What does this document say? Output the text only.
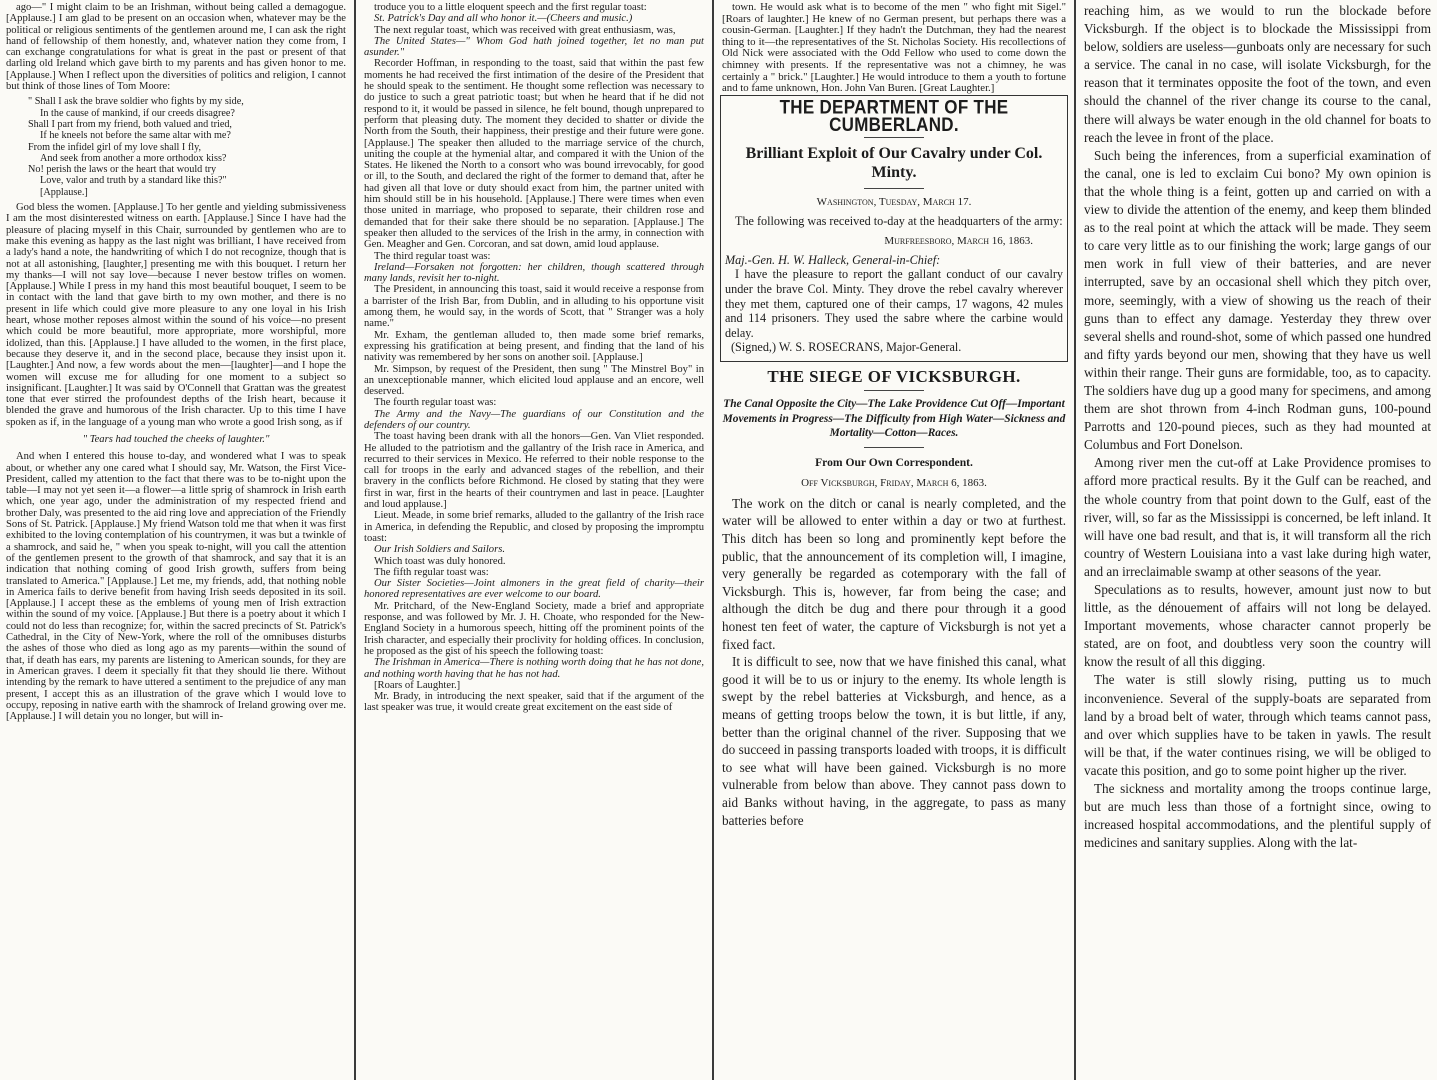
ago—" I might claim to be an Irishman, without being called a demagogue. [Applause.] I am glad to be present on an occasion when, whatever may be the political or religious sentiments of the gentlemen around me, I can ask the right hand of fellowship of them honestly, and, whatever nation they come from, I can exchange congratulations for what is great in the past or present of that darling old Ireland which gave birth to my parents and has given honor to me. [Applause.] When I reflect upon the diversities of politics and religion, I cannot but think of those lines of Tom Moore:

" Shall I ask the brave soldier who fights by my side,
In the cause of mankind, if our creeds disagree?
Shall I part from my friend, both valued and tried,
If he kneels not before the same altar with me?
From the infidel girl of my love shall I fly,
And seek from another a more orthodox kiss?
No! perish the laws or the heart that would try
Love, valor and truth by a standard like this?"
[Applause.]

God bless the women. [Applause.] To her gentle and yielding submissiveness I am the most disinterested witness on earth. [Applause.] Since I have had the pleasure of placing myself in this Chair, surrounded by gentlemen who are to make this evening as happy as the last night was brilliant, I have received from a lady's hand a note, the handwriting of which I do not recognize, though that is not at all astonishing, [laughter,] presenting me with this bouquet. I return her my thanks—I will not say love—because I never bestow trifles on women. [Applause.] While I press in my hand this most beautiful bouquet, I seem to be in contact with the land that gave birth to my own mother, and there is no present in life which could give more pleasure to any one loyal in his Irish heart, whose mother reposes almost within the sound of his voice—no present which could be more beautiful, more appropriate, more worshipful, more idolized, than this. [Applause.] I have alluded to the women, in the first place, because they deserve it, and in the second place, because they insist upon it. [Laughter.] And now, a few words about the men—[laughter]—and I hope the women will excuse me for alluding for one moment to a subject so insignificant. [Laughter.] It was said by O'Connell that Grattan was the greatest tone that ever stirred the profoundest depths of the Irish heart, because it blended the grave and humorous of the Irish character. Up to this time I have spoken as if, in the language of a young man who wrote a good Irish song, as if

" Tears had touched the cheeks of laughter."

And when I entered this house to-day, and wondered what I was to speak about, or whether any one cared what I should say, Mr. Watson, the First Vice-President, called my attention to the fact that there was to be to-night upon the table—I may not yet seen it—a flower—a little sprig of shamrock in Irish earth which, one year ago, under the administration of my respected friend and brother Daly, was presented to the aid ring love and appreciation of the Friendly Sons of St. Patrick. [Applause.] My friend Watson told me that when it was first exhibited to the loving contemplation of his countrymen, it was but a twinkle of a shamrock, and said he, " when you speak to-night, will you call the attention of the gentlemen present to the growth of that shamrock, and say that it is an indication that nothing coming of good Irish growth, suffers from being translated to America." [Applause.] Let me, my friends, add, that nothing noble in America fails to derive benefit from having Irish seeds deposited in its soil. [Applause.] I accept these as the emblems of young men of Irish extraction within the sound of my voice. [Applause.] But there is a poetry about it which I could not do less than recognize; for, within the sacred precincts of St. Patrick's Cathedral, in the City of New-York, where the roll of the omnibuses disturbs the ashes of those who died as long ago as my parents—within the sound of that, if death has ears, my parents are listening to American sounds, for they are in American graves. I deem it specially fit that they should lie there. Without intending by the remark to have uttered a sentiment to the prejudice of any man present, I accept this as an illustration of the grave which I would love to occupy, reposing in native earth with the shamrock of Ireland growing over me. [Applause.] I will detain you no longer, but will in-

troduce you to a little eloquent speech and the first regular toast:

St. Patrick's Day and all who honor it.—(Cheers and music.)

The next regular toast, which was received with great enthusiasm, was,

The United States—" Whom God hath joined together, let no man put asunder."

Recorder Hoffman, in responding to the toast, said that within the past few moments he had received the first intimation of the desire of the President that he should speak to the sentiment. He thought some reflection was necessary to do justice to such a great patriotic toast; but when he heard that if he did not respond to it, it would be passed in silence, he felt bound, though unprepared to perform that pleasing duty. The moment they decided to shatter or divide the North from the South, their happiness, their prestige and their future were gone. [Applause.] The speaker then alluded to the marriage service of the church, uniting the couple at the hymenial altar, and compared it with the Union of the States. He likened the North to a consort who was bound irrevocably, for good or ill, to the South, and declared the right of the former to demand that, after he had given all that love or duty should exact from him, the partner united with him should still be in his household. [Applause.] There were times when even those united in marriage, who proposed to separate, their children rose and demanded that for their sake there should be no separation. [Applause.] The speaker then alluded to the services of the Irish in the army, in connection with Gen. Meagher and Gen. Corcoran, and sat down, amid loud applause.

The third regular toast was:

Ireland—Forsaken not forgotten: her children, though scattered through many lands, revisit her to-night.

The President, in announcing this toast, said it would receive a response from a barrister of the Irish Bar, from Dublin, and in alluding to his opportune visit among them, he would say, in the words of Scott, that " Stranger was a holy name."

Mr. Exham, the gentleman alluded to, then made some brief remarks, expressing his gratification at being present, and finding that the land of his nativity was remembered by her sons on another soil. [Applause.]

Mr. Simpson, by request of the President, then sung " The Minstrel Boy" in an unexceptionable manner, which elicited loud applause and an encore, well deserved.

The fourth regular toast was:

The Army and the Navy—The guardians of our Constitution and the defenders of our country.

The toast having been drank with all the honors—Gen. Van Vliet responded. He alluded to the patriotism and the gallantry of the Irish race in America, and recurred to their services in Mexico. He referred to their noble response to the call for troops in the early and advanced stages of the rebellion, and their bravery in the conflicts before Richmond. He closed by stating that they were first in war, first in the hearts of their countrymen and last in peace. [Laughter and loud applause.]

Lieut. Meade, in some brief remarks, alluded to the gallantry of the Irish race in America, in defending the Republic, and closed by proposing the impromptu toast:

Our Irish Soldiers and Sailors.

Which toast was duly honored.

The fifth regular toast was:

Our Sister Societies—Joint almoners in the great field of charity—their honored representatives are ever welcome to our board.

Mr. Pritchard, of the New-England Society, made a brief and appropriate response, and was followed by Mr. J. H. Choate, who responded for the New-England Society in a humorous speech, hitting off the prominent points of the Irish character, and especially their proclivity for holding offices. In conclusion, he proposed as the gist of his speech the following toast:

The Irishman in America—There is nothing worth doing that he has not done, and nothing worth having that he has not had.

[Roars of Laughter.]

Mr. Brady, in introducing the next speaker, said that if the argument of the last speaker was true, it would create great excitement on the east side of

town. He would ask what is to become of the men " who fight mit Sigel." [Roars of laughter.] He knew of no German present, but perhaps there was a cousin-German. [Laughter.] If they hadn't the Dutchman, they had the nearest thing to it—the representatives of the St. Nicholas Society. His recollections of Old Nick were associated with the Odd Fellow who used to come down the chimney with presents. If the representative was not a chimney, he was certainly a " brick." [Laughter.] He would introduce to them a youth to fortune and to fame unknown, Hon. John Van Buren. [Great Laughter.]

THE DEPARTMENT OF THE CUMBERLAND.
Brilliant Exploit of Our Cavalry under Col. Minty.
Washington, Tuesday, March 17.

The following was received to-day at the headquarters of the army:

Murfreesboro, March 16, 1863.

Maj.-Gen. H. W. Halleck, General-in-Chief:

I have the pleasure to report the gallant conduct of our cavalry under the brave Col. Minty. They drove the rebel cavalry wherever they met them, captured one of their camps, 17 wagons, 42 mules and 114 prisoners. They used the sabre where the carbine would delay.

(Signed,) W. S. ROSECRANS, Major-General.

THE SIEGE OF VICKSBURGH.
The Canal Opposite the City—The Lake Providence Cut Off—Important Movements in Progress—The Difficulty from High Water—Sickness and Mortality—Cotton—Races.
From Our Own Correspondent.
Off Vicksburgh, Friday, March 6, 1863.

The work on the ditch or canal is nearly completed, and the water will be allowed to enter within a day or two at furthest. This ditch has been so long and prominently kept before the public, that the announcement of its completion will, I imagine, very generally be regarded as cotemporary with the fall of Vicksburgh. This is, however, far from being the case; and although the ditch be dug and there pour through it a good honest ten feet of water, the capture of Vicksburgh is not yet a fixed fact.

It is difficult to see, now that we have finished this canal, what good it will be to us or injury to the enemy. Its whole length is swept by the rebel batteries at Vicksburgh, and hence, as a means of getting troops below the town, it is but little, if any, better than the original channel of the river. Supposing that we do succeed in passing transports loaded with troops, it is difficult to see what will have been gained. Vicksburgh is no more vulnerable from below than above. They cannot pass down to aid Banks without having, in the aggregate, to pass as many batteries before

reaching him, as we would to run the blockade before Vicksburgh. If the object is to blockade the Mississippi from below, soldiers are useless—gunboats only are necessary for such a service. The canal in no case, will isolate Vicksburgh, for the reason that it terminates opposite the foot of the town, and even should the channel of the river change its course to the canal, there will always be water enough in the old channel for boats to reach the levee in front of the place.

Such being the inferences, from a superficial examination of the canal, one is led to exclaim Cui bono? My own opinion is that the whole thing is a feint, gotten up and carried on with a view to divide the attention of the enemy, and keep them blinded as to the real point at which the attack will be made. They seem to care very little as to our finishing the work; large gangs of our men work in full view of their batteries, and are never interrupted, save by an occasional shell which they pitch over, more, seemingly, with a view of showing us the reach of their guns than to effect any damage. Yesterday they threw over several shells and round-shot, some of which passed one hundred and fifty yards beyond our men, showing that they have us well within their range. Their guns are formidable, too, as to capacity. The soldiers have dug up a good many for specimens, and among them are shot thrown from 4-inch Rodman guns, 100-pound Parrotts and 120-pound pieces, such as they had mounted at Columbus and Fort Donelson.

Among river men the cut-off at Lake Providence promises to afford more practical results. By it the Gulf can be reached, and the whole country from that point down to the Gulf, east of the river, will, so far as the Mississippi is concerned, be left inland. It will have one bad result, and that is, it will transform all the rich country of Western Louisiana into a vast lake during high water, and an irreclaimable swamp at other seasons of the year.

Speculations as to results, however, amount just now to but little, as the dénouement of affairs will not long be delayed. Important movements, whose character cannot properly be stated, are on foot, and doubtless very soon the country will know the result of all this digging.

The water is still slowly rising, putting us to much inconvenience. Several of the supply-boats are separated from land by a broad belt of water, through which teams cannot pass, and over which supplies have to be taken in yawls. The result will be that, if the water continues rising, we will be obliged to vacate this position, and go to some point higher up the river.

The sickness and mortality among the troops continue large, but are much less than those of a fortnight since, owing to increased hospital accommodations, and the plentiful supply of medicines and sanitary supplies. Along with the lat-
